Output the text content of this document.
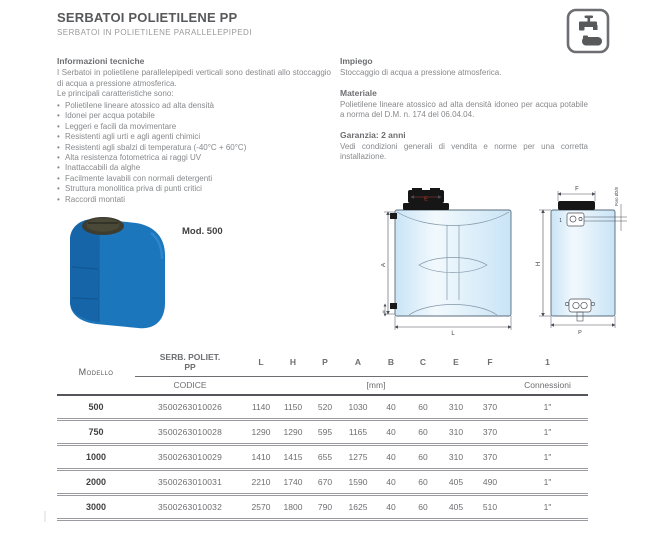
SERBATOI POLIETILENE PP
SERBATOI IN POLIETILENE PARALLELEPIPEDI
Informazioni tecniche

I Serbatoi in polietilene parallelepipedi verticali sono destinati allo stoccaggio di acqua a pressione atmosferica.

Le principali caratteristiche sono:

• Polietilene lineare atossico ad alta densità
• Idonei per acqua potabile
• Leggeri e facili da movimentare
• Resistenti agli urti e agli agenti chimici
• Resistenti agli sbalzi di temperatura (-40°C + 60°C)
• Alta resistenza fotometrica ai raggi UV
• Inattaccabili da alghe
• Facilmente lavabili con normali detergenti
• Struttura monolitica priva di punti critici
• Raccordi montati
Impiego

Stoccaggio di acqua a pressione atmosferica.

Materiale

Polietilene lineare atossico ad alta densità idoneo per acqua potabile a norma del D.M. n. 174 del 06.04.04.

Garanzia: 2 anni

Vedi condizioni generali di vendita e norme per una corretta installazione.

Mod. 500
E
A
B
L
F
H
1
Foro Ø2/8
P
Modello
SERB. POLIET. PP	L	H	P	A	B	C	E	F	1
CODICE	[mm]	Connessioni
500	3500263010026	1140	1150	520	1030	40	60	310	370	1"
750	3500263010028	1290	1290	595	1165	40	60	310	370	1"
1000	3500263010029	1410	1415	655	1275	40	60	310	370	1"
2000	3500263010031	2210	1740	670	1590	40	60	405	490	1"
3000	3500263010032	2570	1800	790	1625	40	60	405	510	1"
